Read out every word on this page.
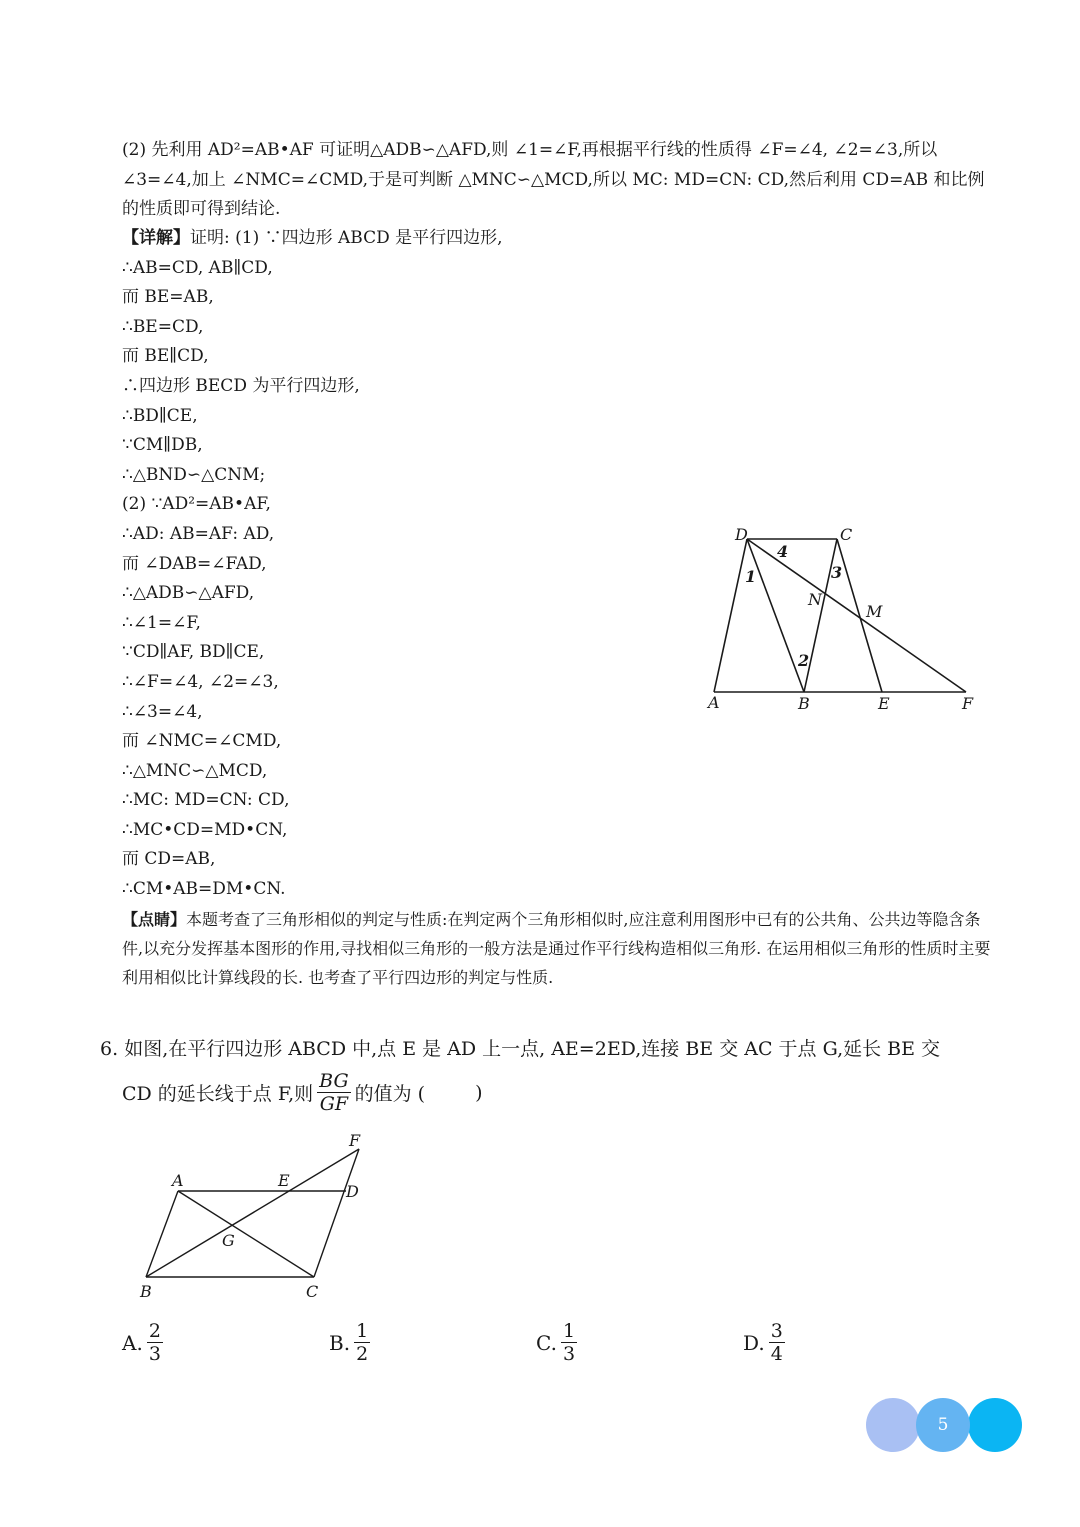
(2) 先利用 AD²=AB•AF 可证明△ADB∽△AFD,则 ∠1=∠F,再根据平行线的性质得 ∠F=∠4, ∠2=∠3,所以 ∠3=∠4,加上 ∠NMC=∠CMD,于是可判断 △MNC∽△MCD,所以 MC: MD=CN: CD,然后利用 CD=AB 和比例的性质即可得到结论.
【详解】证明: (1) ∵四边形 ABCD 是平行四边形,
∴AB=CD, AB∥CD,
而 BE=AB,
∴BE=CD,
而 BE∥CD,
∴四边形 BECD 为平行四边形,
∴BD∥CE,
∵CM∥DB,
∴△BND∽△CNM;
(2) ∵AD²=AB•AF,
∴AD: AB=AF: AD,
而 ∠DAB=∠FAD,
∴△ADB∽△AFD,
∴∠1=∠F,
∵CD∥AF, BD∥CE,
∴∠F=∠4, ∠2=∠3,
∴∠3=∠4,
而 ∠NMC=∠CMD,
∴△MNC∽△MCD,
∴MC: MD=CN: CD,
∴MC•CD=MD•CN,
而 CD=AB,
∴CM•AB=DM•CN.
D	C
A	B	E	F
N
M
1
2
3
4
【点睛】本题考查了三角形相似的判定与性质:在判定两个三角形相似时,应注意利用图形中已有的公共角、公共边等隐含条件,以充分发挥基本图形的作用,寻找相似三角形的一般方法是通过作平行线构造相似三角形. 在运用相似三角形的性质时主要利用相似比计算线段的长. 也考查了平行四边形的判定与性质.
6. 如图,在平行四边形 ABCD 中,点 E 是 AD 上一点, AE=2ED,连接 BE 交 AC 于点 G,延长 BE 交
CD 的延长线于点 F,则 $\frac{BG}{GF}$ 的值为 (	)
F
A	E
D
G
B	C
A. $\frac{2}{3}$	B. $\frac{1}{2}$	C. $\frac{1}{3}$	D. $\frac{3}{4}$
5
